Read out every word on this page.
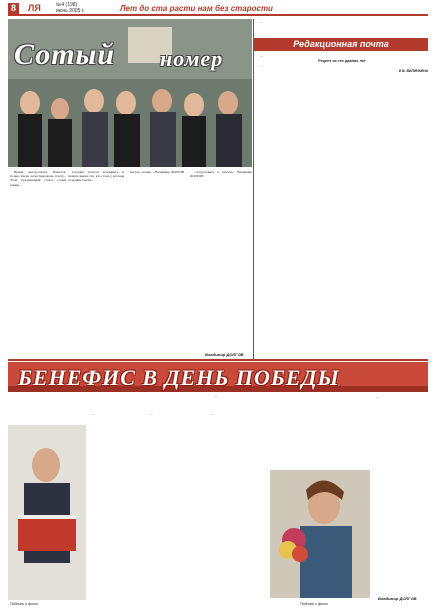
8	ЛЯ	№4 (198)
июнь 2005 г.	Лет до ста расти нам без старости
Сотый номер
Редакционная почта

...

...

Рецепт из тех давних лет

...

Е.В. ВИЛИНКИНА

Время выстроплечу. Кажется, только вчера регистрировали газету... Этой праздничный газете сотый номер...

Сегодня хочется вспомнить и назвать имена тех, кто стоял у истоков создания газеты...

ветров...номер. ...Владимир ДОЛГОВ	...подготовить к печати... Владимир ДОЛГОВ

БЕНЕФИС В ДЕНЬ ПОБЕДЫ
...
Подпись к фото

...	...	...

Подпись к фото

...

Владимир ДОЛГОВ
Владимир ДОЛГОВ
